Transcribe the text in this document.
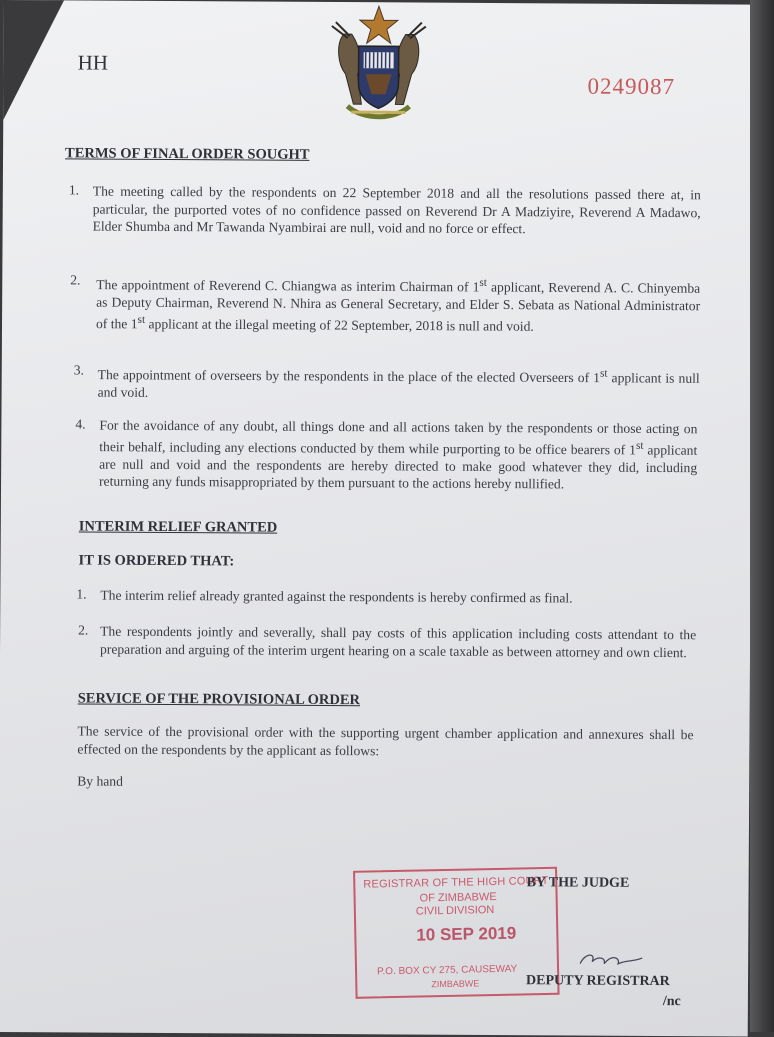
HH
0249087
TERMS OF FINAL ORDER SOUGHT
1. The meeting called by the respondents on 22 September 2018 and all the resolutions passed there at, in particular, the purported votes of no confidence passed on Reverend Dr A Madziyire, Reverend A Madawo, Elder Shumba and Mr Tawanda Nyambirai are null, void and no force or effect.
2. The appointment of Reverend C. Chiangwa as interim Chairman of 1st applicant, Reverend A. C. Chinyemba as Deputy Chairman, Reverend N. Nhira as General Secretary, and Elder S. Sebata as National Administrator of the 1st applicant at the illegal meeting of 22 September, 2018 is null and void.
3. The appointment of overseers by the respondents in the place of the elected Overseers of 1st applicant is null and void.
4. For the avoidance of any doubt, all things done and all actions taken by the respondents or those acting on their behalf, including any elections conducted by them while purporting to be office bearers of 1st applicant are null and void and the respondents are hereby directed to make good whatever they did, including returning any funds misappropriated by them pursuant to the actions hereby nullified.
INTERIM RELIEF GRANTED
IT IS ORDERED THAT:
1. The interim relief already granted against the respondents is hereby confirmed as final.
2. The respondents jointly and severally, shall pay costs of this application including costs attendant to the preparation and arguing of the interim urgent hearing on a scale taxable as between attorney and own client.
SERVICE OF THE PROVISIONAL ORDER
The service of the provisional order with the supporting urgent chamber application and annexures shall be effected on the respondents by the applicant as follows:
By hand
REGISTRAR OF THE HIGH COURT
OF ZIMBABWE
CIVIL DIVISION
10 SEP 2019
P.O. BOX CY 275, CAUSEWAY
ZIMBABWE
BY THE JUDGE
DEPUTY REGISTRAR
/nc
